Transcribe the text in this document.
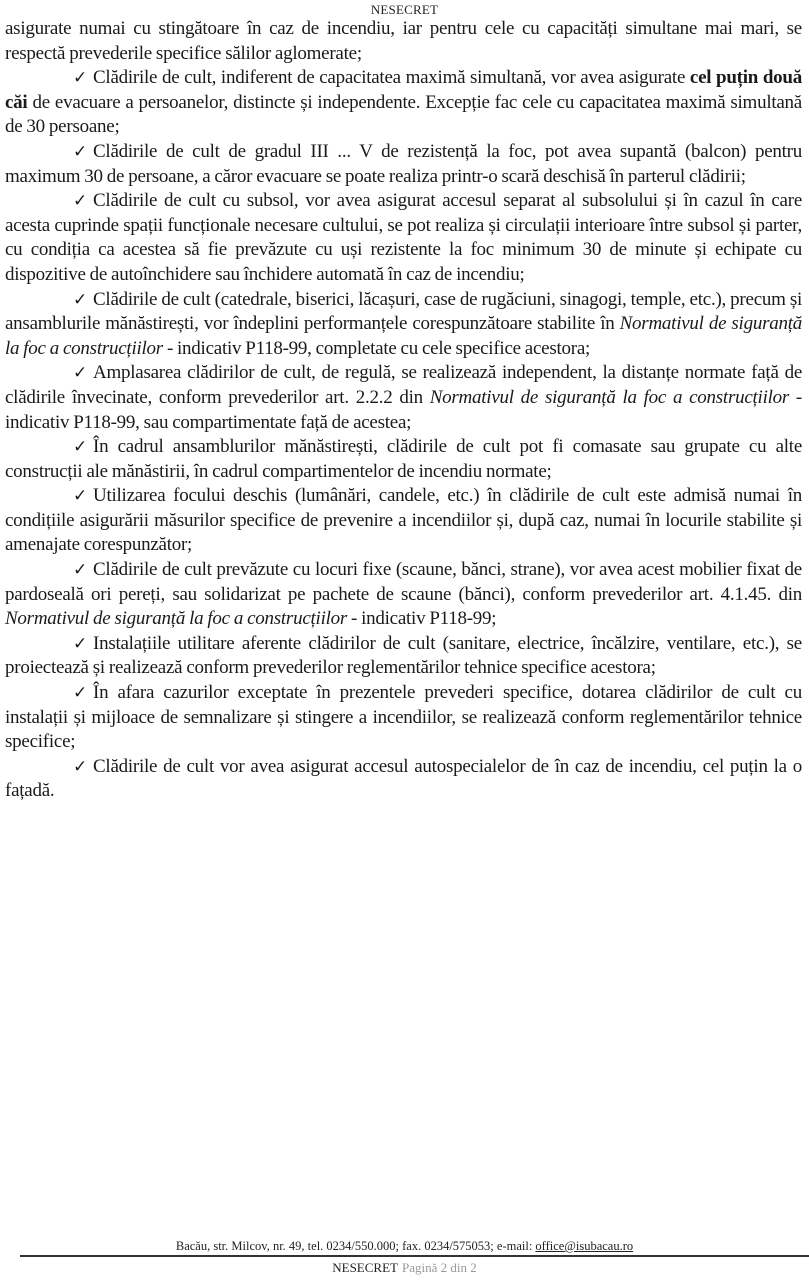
NESECRET

asigurate numai cu stingătoare în caz de incendiu, iar pentru cele cu capacități simultane mai mari, se respectă prevederile specifice sălilor aglomerate;

✓ Clădirile de cult, indiferent de capacitatea maximă simultană, vor avea asigurate cel puțin două căi de evacuare a persoanelor, distincte și independente. Excepție fac cele cu capacitatea maximă simultană de 30 persoane;

✓ Clădirile de cult de gradul III ... V de rezistență la foc, pot avea supantă (balcon) pentru maximum 30 de persoane, a căror evacuare se poate realiza printr-o scară deschisă în parterul clădirii;

✓ Clădirile de cult cu subsol, vor avea asigurat accesul separat al subsolului și în cazul în care acesta cuprinde spații funcționale necesare cultului, se pot realiza și circulații interioare între subsol și parter, cu condiția ca acestea să fie prevăzute cu uși rezistente la foc minimum 30 de minute și echipate cu dispozitive de autoînchidere sau închidere automată în caz de incendiu;

✓ Clădirile de cult (catedrale, biserici, lăcașuri, case de rugăciuni, sinagogi, temple, etc.), precum și ansamblurile mănăstirești, vor îndeplini performanțele corespunzătoare stabilite în Normativul de siguranță la foc a construcțiilor - indicativ P118-99, completate cu cele specifice acestora;

✓ Amplasarea clădirilor de cult, de regulă, se realizează independent, la distanțe normate față de clădirile învecinate, conform prevederilor art. 2.2.2 din Normativul de siguranță la foc a construcțiilor - indicativ P118-99, sau compartimentate față de acestea;

✓ În cadrul ansamblurilor mănăstirești, clădirile de cult pot fi comasate sau grupate cu alte construcții ale mănăstirii, în cadrul compartimentelor de incendiu normate;

✓ Utilizarea focului deschis (lumânări, candele, etc.) în clădirile de cult este admisă numai în condițiile asigurării măsurilor specifice de prevenire a incendiilor și, după caz, numai în locurile stabilite și amenajate corespunzător;

✓ Clădirile de cult prevăzute cu locuri fixe (scaune, bănci, strane), vor avea acest mobilier fixat de pardoseală ori pereți, sau solidarizat pe pachete de scaune (bănci), conform prevederilor art. 4.1.45. din Normativul de siguranță la foc a construcțiilor - indicativ P118-99;

✓ Instalațiile utilitare aferente clădirilor de cult (sanitare, electrice, încălzire, ventilare, etc.), se proiectează și realizează conform prevederilor reglementărilor tehnice specifice acestora;

✓ În afara cazurilor exceptate în prezentele prevederi specifice, dotarea clădirilor de cult cu instalații și mijloace de semnalizare și stingere a incendiilor, se realizează conform reglementărilor tehnice specifice;

✓ Clădirile de cult vor avea asigurat accesul autospecialelor de în caz de incendiu, cel puțin la o fațadă.

Bacău, str. Milcov, nr. 49, tel. 0234/550.000; fax. 0234/575053; e-mail: office@isubacau.ro
NESECRET Pagină 2 din 2
